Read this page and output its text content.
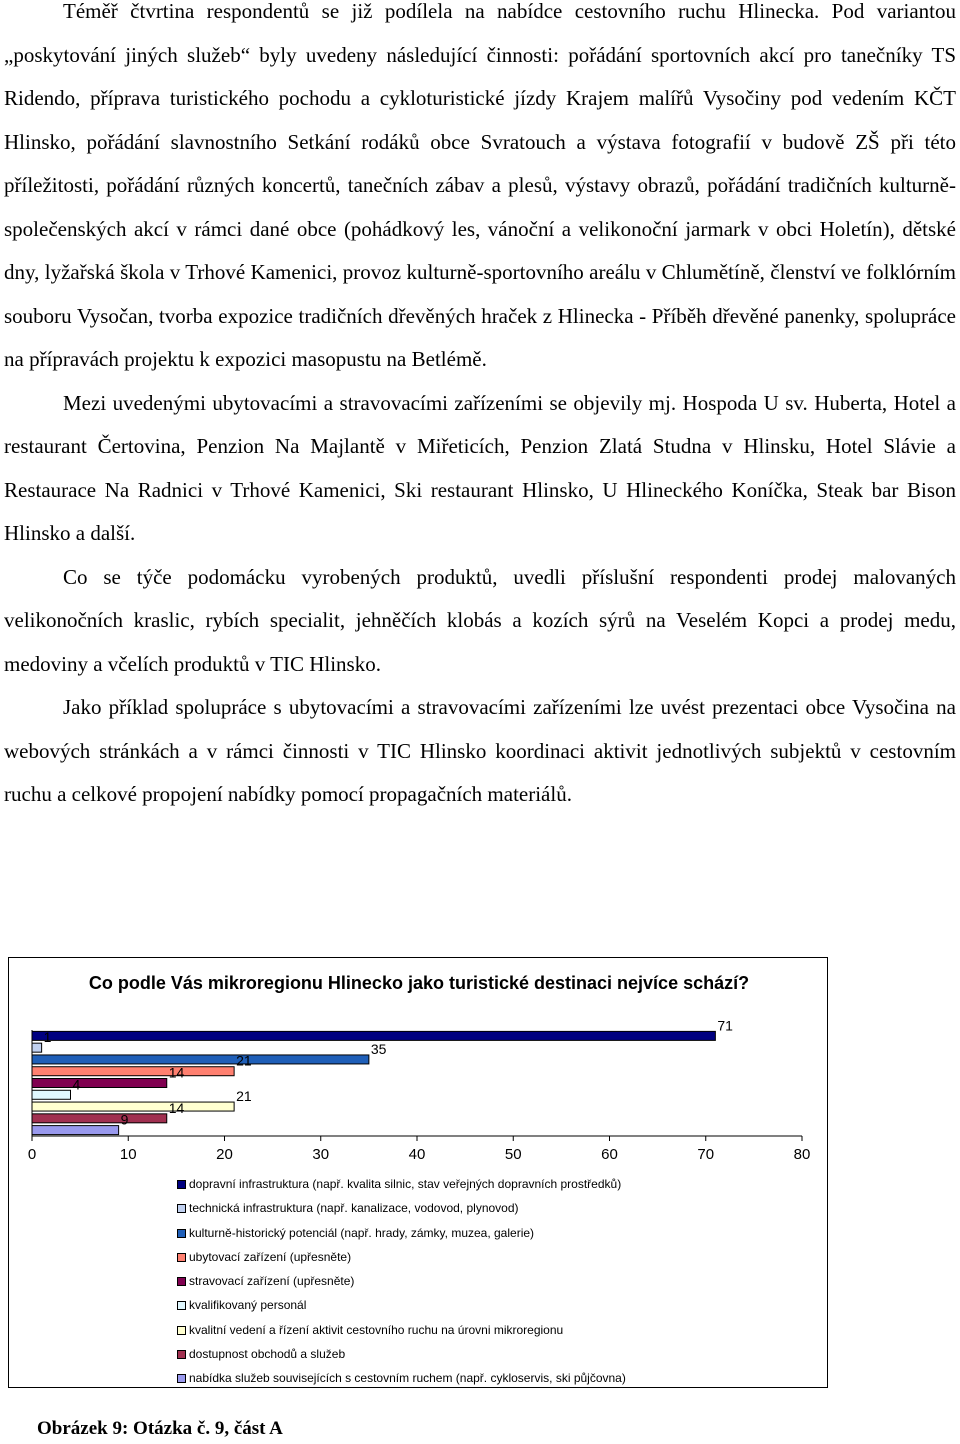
Téměř čtvrtina respondentů se již podílela na nabídce cestovního ruchu Hlinecka. Pod variantou „poskytování jiných služeb“ byly uvedeny následující činnosti: pořádání sportovních akcí pro tanečníky TS Ridendo, příprava turistického pochodu a cykloturistické jízdy Krajem malířů Vysočiny pod vedením KČT Hlinsko, pořádání slavnostního Setkání rodáků obce Svratouch a výstava fotografií v budově ZŠ při této příležitosti, pořádání různých koncertů, tanečních zábav a plesů, výstavy obrazů, pořádání tradičních kulturně-společenských akcí v rámci dané obce (pohádkový les, vánoční a velikonoční jarmark v obci Holetín), dětské dny, lyžařská škola v Trhové Kamenici, provoz kulturně-sportovního areálu v Chlumětíně, členství ve folklórním souboru Vysočan, tvorba expozice tradičních dřevěných hraček z Hlinecka - Příběh dřevěné panenky, spolupráce na přípravách projektu k expozici masopustu na Betlémě.

Mezi uvedenými ubytovacími a stravovacími zařízeními se objevily mj. Hospoda U sv. Huberta, Hotel a restaurant Čertovina, Penzion Na Majlantě v Miřeticích, Penzion Zlatá Studna v Hlinsku, Hotel Slávie a Restaurace Na Radnici v Trhové Kamenici, Ski restaurant Hlinsko, U Hlineckého Koníčka, Steak bar Bison Hlinsko a další.

Co se týče podomácku vyrobených produktů, uvedli příslušní respondenti prodej malovaných velikonočních kraslic, rybích specialit, jehněčích klobás a kozích sýrů na Veselém Kopci a prodej medu, medoviny a včelích produktů v TIC Hlinsko.

Jako příklad spolupráce s ubytovacími a stravovacími zařízeními lze uvést prezentaci obce Vysočina na webových stránkách a v rámci činnosti v TIC Hlinsko koordinaci aktivit jednotlivých subjektů v cestovním ruchu a celkové propojení nabídky pomocí propagačních materiálů.

Co podle Vás mikroregionu Hlinecko jako turistické destinaci nejvíce schází?
71
1
35
21
14
4
21
14
9
0	10	20	30	40	50	60	70	80
dopravní infrastruktura (např. kvalita silnic, stav veřejných dopravních prostředků)
technická infrastruktura (např. kanalizace, vodovod, plynovod)
kulturně-historický potenciál (např. hrady, zámky, muzea, galerie)
ubytovací zařízení (upřesněte)
stravovací zařízení (upřesněte)
kvalifikovaný personál
kvalitní vedení a řízení aktivit cestovního ruchu na úrovni mikroregionu
dostupnost obchodů a služeb
nabídka služeb souvisejících s cestovním ruchem (např. cykloservis, ski půjčovna)
Obrázek 9: Otázka č. 9, část A
